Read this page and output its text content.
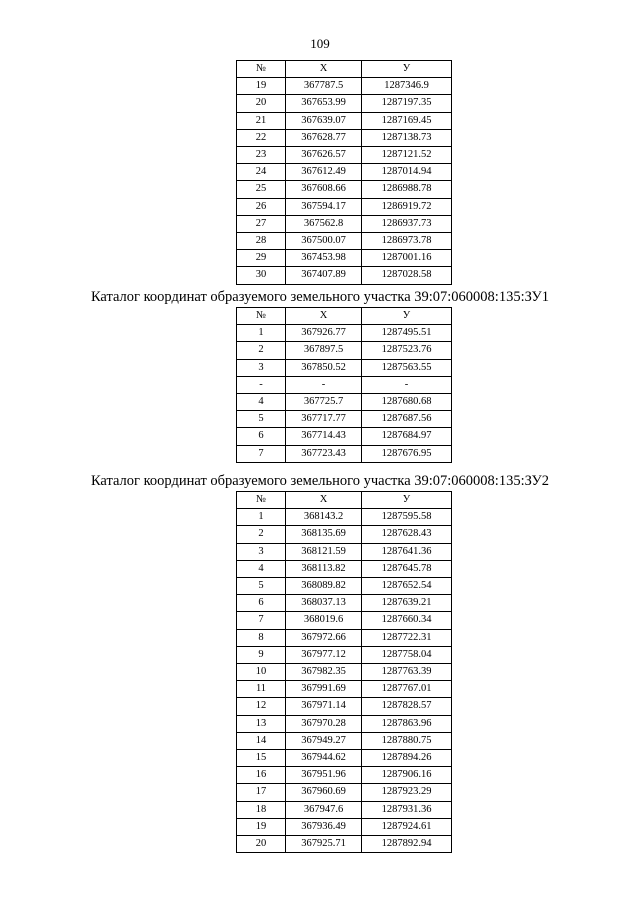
109
№	Х	У
19	367787.5	1287346.9
20	367653.99	1287197.35
21	367639.07	1287169.45
22	367628.77	1287138.73
23	367626.57	1287121.52
24	367612.49	1287014.94
25	367608.66	1286988.78
26	367594.17	1286919.72
27	367562.8	1286937.73
28	367500.07	1286973.78
29	367453.98	1287001.16
30	367407.89	1287028.58
Каталог координат образуемого земельного участка 39:07:060008:135:ЗУ1
№	Х	У
1	367926.77	1287495.51
2	367897.5	1287523.76
3	367850.52	1287563.55
-	-	-
4	367725.7	1287680.68
5	367717.77	1287687.56
6	367714.43	1287684.97
7	367723.43	1287676.95
Каталог координат образуемого земельного участка 39:07:060008:135:ЗУ2
№	Х	У
1	368143.2	1287595.58
2	368135.69	1287628.43
3	368121.59	1287641.36
4	368113.82	1287645.78
5	368089.82	1287652.54
6	368037.13	1287639.21
7	368019.6	1287660.34
8	367972.66	1287722.31
9	367977.12	1287758.04
10	367982.35	1287763.39
11	367991.69	1287767.01
12	367971.14	1287828.57
13	367970.28	1287863.96
14	367949.27	1287880.75
15	367944.62	1287894.26
16	367951.96	1287906.16
17	367960.69	1287923.29
18	367947.6	1287931.36
19	367936.49	1287924.61
20	367925.71	1287892.94
